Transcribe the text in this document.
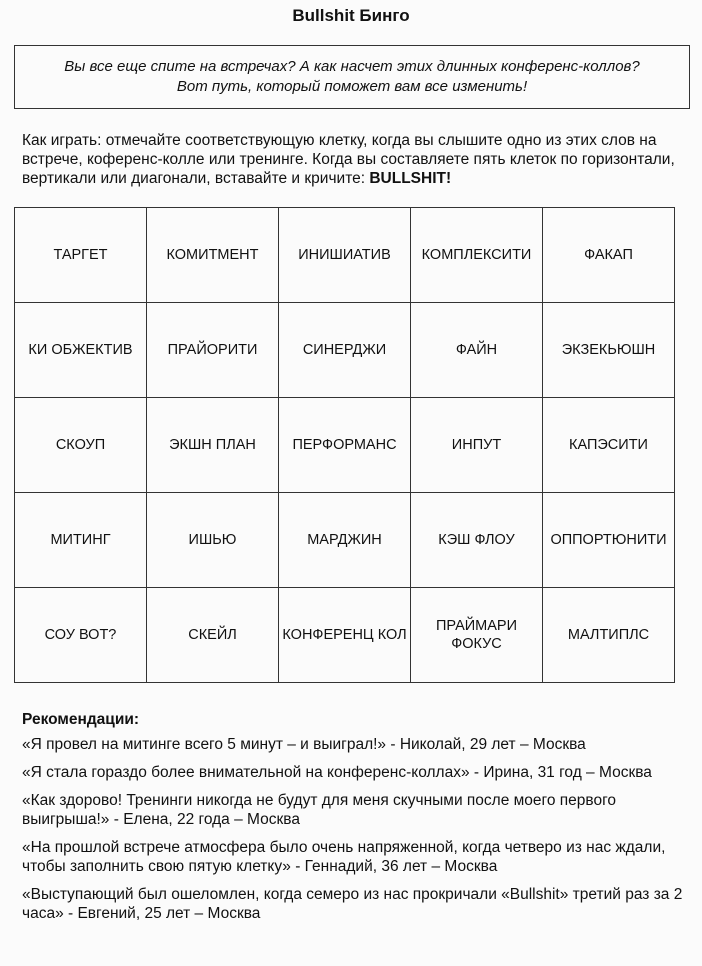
Bullshit Бинго
Вы все еще спите на встречах? А как насчет этих длинных конференс-коллов?
Вот путь, который поможет вам все изменить!
Как играть: отмечайте соответствующую клетку, когда вы слышите одно из этих слов на встрече, коференс-колле или тренинге. Когда вы составляете пять клеток по горизонтали, вертикали или диагонали, вставайте и кричите: BULLSHIT!
ТАРГЕТ	КОМИТМЕНТ	ИНИШИАТИВ	КОМПЛЕКСИТИ	ФАКАП
КИ ОБЖЕКТИВ	ПРАЙОРИТИ	СИНЕРДЖИ	ФАЙН	ЭКЗЕКЬЮШН
СКОУП	ЭКШН ПЛАН	ПЕРФОРМАНС	ИНПУТ	КАПЭСИТИ
МИТИНГ	ИШЬЮ	МАРДЖИН	КЭШ ФЛОУ	ОППОРТЮНИТИ
СОУ ВОТ?	СКЕЙЛ	КОНФЕРЕНЦ КОЛ	ПРАЙМАРИ ФОКУС	МАЛТИПЛС
Рекомендации:
«Я провел на митинге всего 5 минут – и выиграл!» - Николай, 29 лет – Москва
«Я стала гораздо более внимательной на конференс-коллах» - Ирина, 31 год – Москва
«Как здорово! Тренинги никогда не будут для меня скучными после моего первого выигрыша!» - Елена, 22 года – Москва
«На прошлой встрече атмосфера было очень напряженной, когда четверо из нас ждали, чтобы заполнить свою пятую клетку» - Геннадий, 36 лет – Москва
«Выступающий был ошеломлен, когда семеро из нас прокричали «Bullshit» третий раз за 2 часа» - Евгений, 25 лет – Москва
